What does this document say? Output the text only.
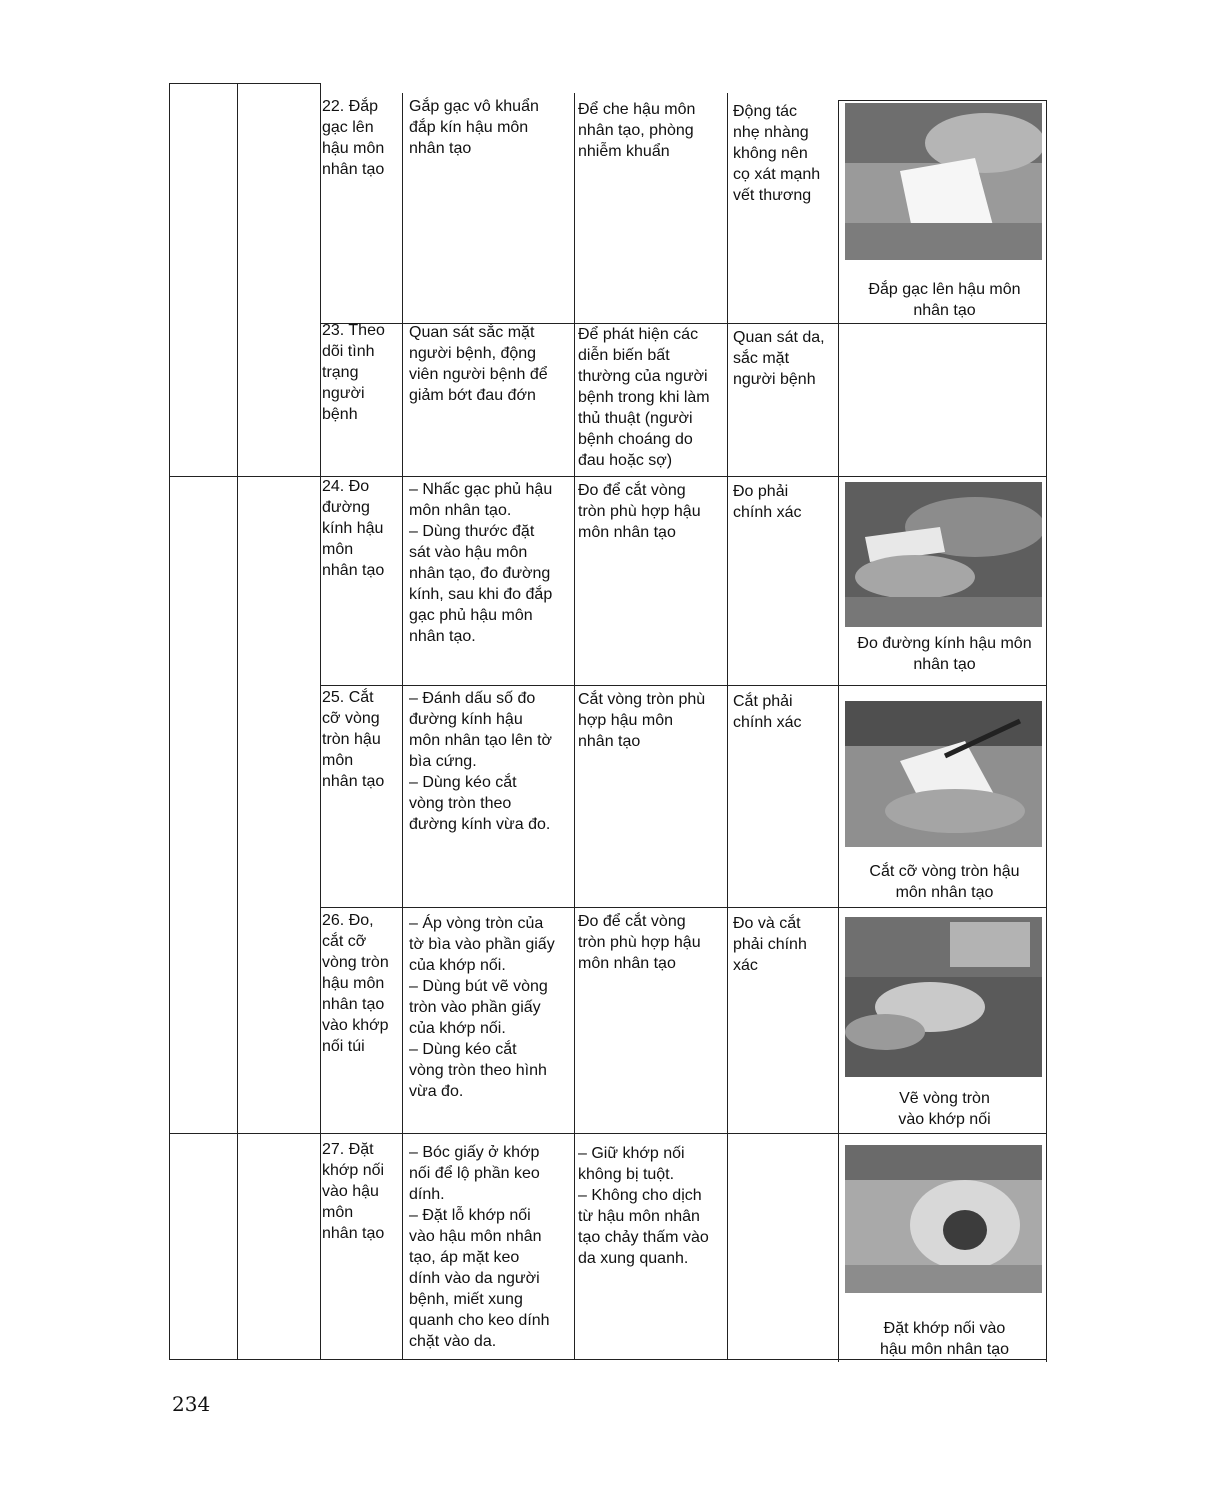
22. Đắp
gạc lên
hậu môn
nhân tạo
Gắp gạc vô khuẩn
đắp kín hậu môn
nhân tạo
Để che hậu môn
nhân tạo, phòng
nhiễm khuẩn
Động tác
nhẹ nhàng
không nên
cọ xát mạnh
vết thương
Đắp gạc lên hậu môn
nhân tạo
23. Theo
dõi tình
trạng
người
bệnh
Quan sát sắc mặt
người bệnh, động
viên người bệnh để
giảm bớt đau đớn
Để phát hiện các
diễn biến bất
thường của người
bệnh trong khi làm
thủ thuật (người
bệnh choáng do
đau hoặc sợ)
Quan sát da,
sắc mặt
người bệnh
24. Đo
đường
kính hậu
môn
nhân tạo
– Nhấc gạc phủ hậu
môn nhân tạo.
– Dùng thước đặt
sát vào hậu môn
nhân tạo, đo đường
kính, sau khi đo đắp
gạc phủ hậu môn
nhân tạo.
Đo để cắt vòng
tròn phù hợp hậu
môn nhân tạo
Đo phải
chính xác
Đo đường kính hậu môn
nhân tạo
25. Cắt
cỡ vòng
tròn hậu
môn
nhân tạo
– Đánh dấu số đo
đường kính hậu
môn nhân tạo lên tờ
bìa cứng.
– Dùng kéo cắt
vòng tròn theo
đường kính vừa đo.
Cắt vòng tròn phù
hợp hậu môn
nhân tạo
Cắt phải
chính xác
Cắt cỡ vòng tròn hậu
môn nhân tạo
26. Đo,
cắt cỡ
vòng tròn
hậu môn
nhân tạo
vào khớp
nối túi
– Áp vòng tròn của
tờ bìa vào phần giấy
của khớp nối.
– Dùng bút vẽ vòng
tròn vào phần giấy
của khớp nối.
– Dùng kéo cắt
vòng tròn theo hình
vừa đo.
Đo để cắt vòng
tròn phù hợp hậu
môn nhân tạo
Đo và cắt
phải chính
xác
Vẽ vòng tròn
vào khớp nối
27. Đặt
khớp nối
vào hậu
môn
nhân tạo
– Bóc giấy ở khớp
nối để lộ phần keo
dính.
– Đặt lỗ khớp nối
vào hậu môn nhân
tạo, áp mặt keo
dính vào da người
bệnh, miết xung
quanh cho keo dính
chặt vào da.
– Giữ khớp nối
không bị tuột.
– Không cho dịch
từ hậu môn nhân
tạo chảy thấm vào
da xung quanh.
Đặt khớp nối vào
hậu môn nhân tạo
234
